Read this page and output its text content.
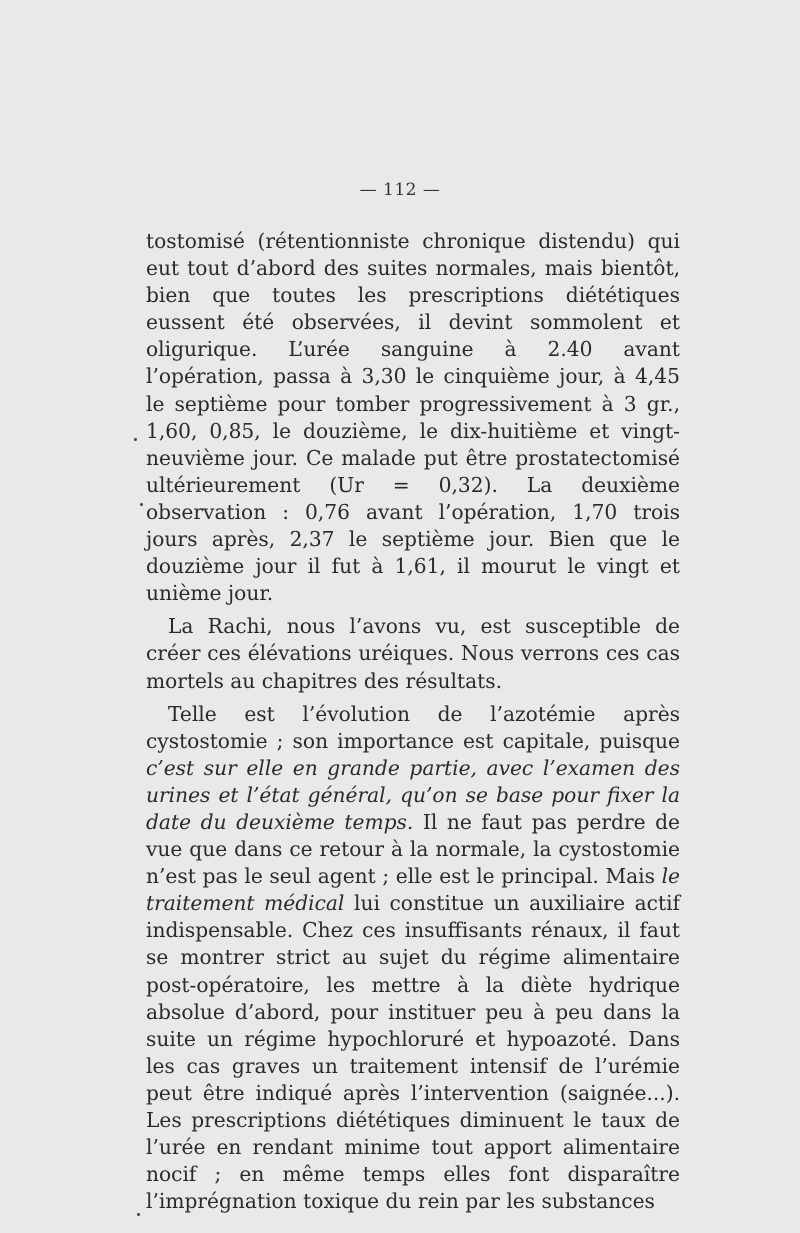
— 112 —

tostomisé (rétentionniste chronique distendu) qui eut tout d’abord des suites normales, mais bientôt, bien que toutes les prescriptions diététiques eussent été observées, il devint sommolent et oligurique. L’urée sanguine à 2.40 avant l’opération, passa à 3,30 le cinquième jour, à 4,45 le septième pour tomber progressivement à 3 gr., 1,60, 0,85, le douzième, le dix-huitième et vingt-neuvième jour. Ce malade put être prostatectomisé ultérieurement (Ur = 0,32). La deuxième observation : 0,76 avant l’opération, 1,70 trois jours après, 2,37 le septième jour. Bien que le douzième jour il fut à 1,61, il mourut le vingt et unième jour.

La Rachi, nous l’avons vu, est susceptible de créer ces élévations uréiques. Nous verrons ces cas mortels au chapitres des résultats.

Telle est l’évolution de l’azotémie après cystostomie ; son importance est capitale, puisque c’est sur elle en grande partie, avec l’examen des urines et l’état général, qu’on se base pour fixer la date du deuxième temps. Il ne faut pas perdre de vue que dans ce retour à la normale, la cystostomie n’est pas le seul agent ; elle est le principal. Mais le traitement médical lui constitue un auxiliaire actif indispensable. Chez ces insuffisants rénaux, il faut se montrer strict au sujet du régime alimentaire post-opératoire, les mettre à la diète hydrique absolue d’abord, pour instituer peu à peu dans la suite un régime hypochloruré et hypoazoté. Dans les cas graves un traitement intensif de l’urémie peut être indiqué après l’intervention (saignée...). Les prescriptions diététiques diminuent le taux de l’urée en rendant minime tout apport alimentaire nocif ; en même temps elles font disparaître l’imprégnation toxique du rein par les substances
